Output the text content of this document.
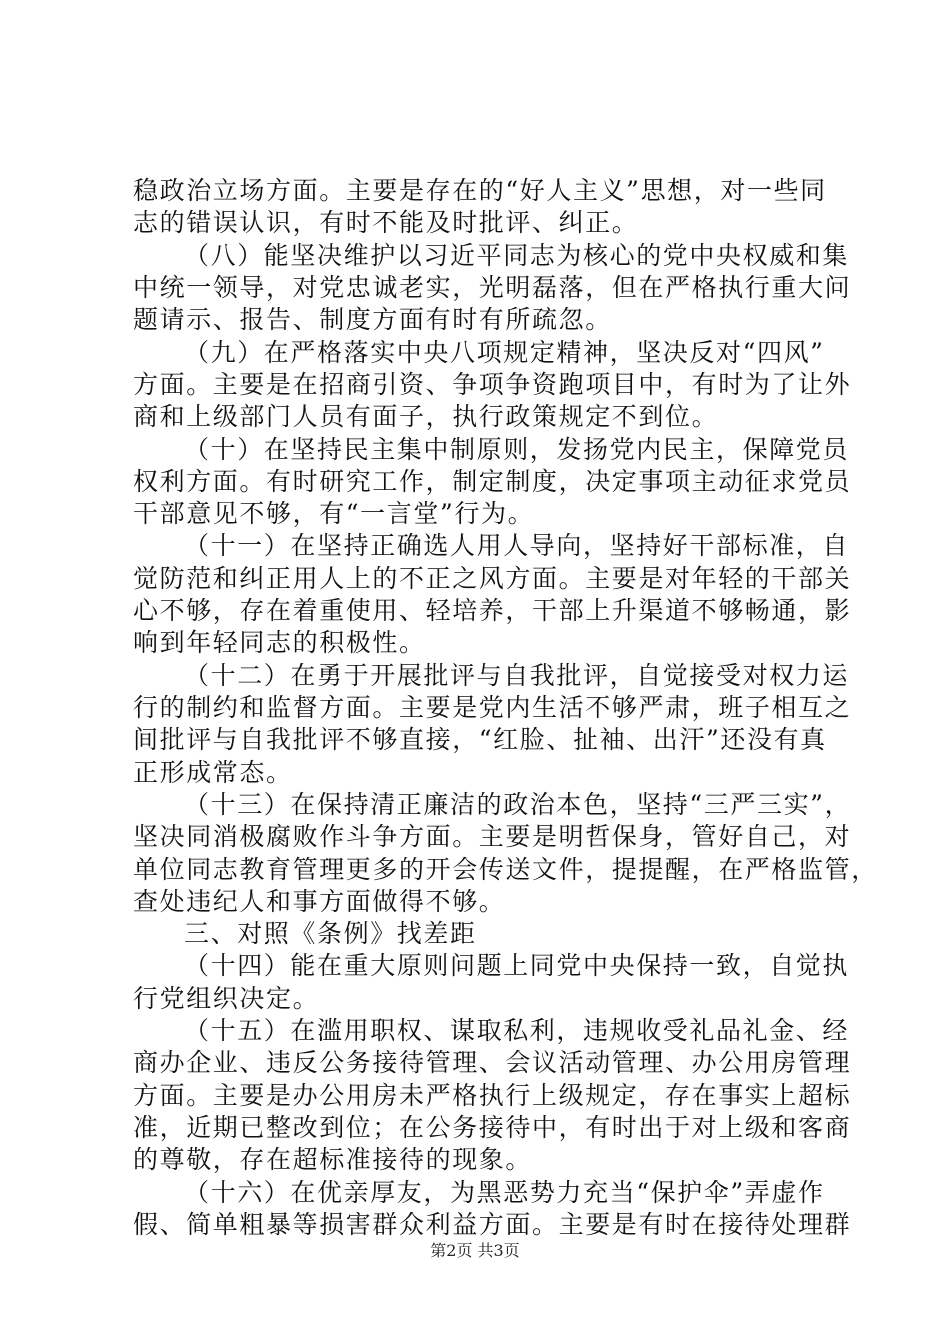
稳政治立场方面。主要是存在的“好人主义”思想，对一些同
志的错误认识，有时不能及时批评、纠正。
（八）能坚决维护以习近平同志为核心的党中央权威和集
中统一领导，对党忠诚老实，光明磊落，但在严格执行重大问
题请示、报告、制度方面有时有所疏忽。
（九）在严格落实中央八项规定精神，坚决反对“四风”
方面。主要是在招商引资、争项争资跑项目中，有时为了让外
商和上级部门人员有面子，执行政策规定不到位。
（十）在坚持民主集中制原则，发扬党内民主，保障党员
权利方面。有时研究工作，制定制度，决定事项主动征求党员
干部意见不够，有“一言堂”行为。
（十一）在坚持正确选人用人导向，坚持好干部标准，自
觉防范和纠正用人上的不正之风方面。主要是对年轻的干部关
心不够，存在着重使用、轻培养，干部上升渠道不够畅通，影
响到年轻同志的积极性。
（十二）在勇于开展批评与自我批评，自觉接受对权力运
行的制约和监督方面。主要是党内生活不够严肃，班子相互之
间批评与自我批评不够直接，“红脸、扯袖、出汗”还没有真
正形成常态。
（十三）在保持清正廉洁的政治本色，坚持“三严三实”，
坚决同消极腐败作斗争方面。主要是明哲保身，管好自己，对
单位同志教育管理更多的开会传送文件，提提醒，在严格监管，
查处违纪人和事方面做得不够。
三、对照《条例》找差距
（十四）能在重大原则问题上同党中央保持一致，自觉执
行党组织决定。
（十五）在滥用职权、谋取私利，违规收受礼品礼金、经
商办企业、违反公务接待管理、会议活动管理、办公用房管理
方面。主要是办公用房未严格执行上级规定，存在事实上超标
准，近期已整改到位；在公务接待中，有时出于对上级和客商
的尊敬，存在超标准接待的现象。
（十六）在优亲厚友，为黑恶势力充当“保护伞”弄虚作
假、简单粗暴等损害群众利益方面。主要是有时在接待处理群
第2页 共3页
